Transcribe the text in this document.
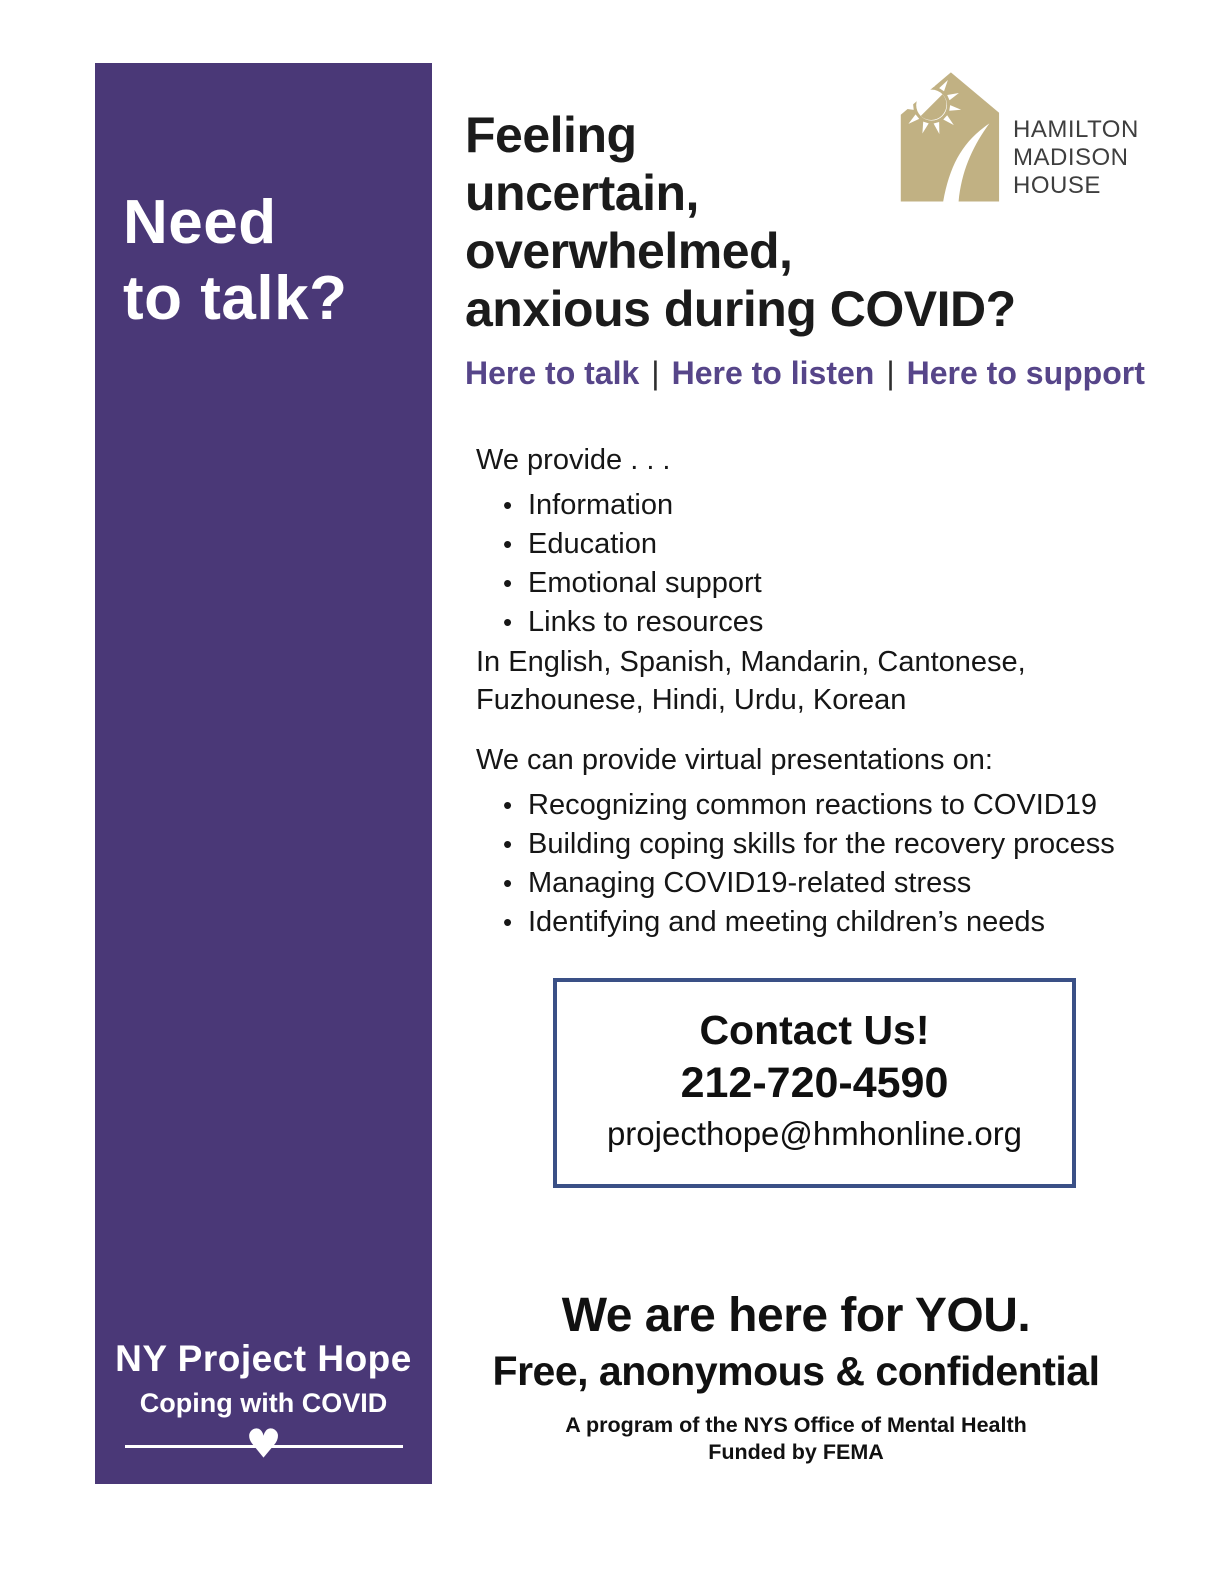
Need
to talk?
NY Project Hope
Coping with COVID
♥
HAMILTON
MADISON
HOUSE
Feeling
uncertain,
overwhelmed,
anxious during COVID?
Here to talk | Here to listen | Here to support
We provide . . .
• Information
• Education
• Emotional support
• Links to resources
In English, Spanish, Mandarin, Cantonese, Fuzhounese, Hindi, Urdu, Korean
We can provide virtual presentations on:
• Recognizing common reactions to COVID19
• Building coping skills for the recovery process
• Managing COVID19-related stress
• Identifying and meeting children’s needs
Contact Us!
212-720-4590
projecthope@hmhonline.org
We are here for YOU.
Free, anonymous & confidential
A program of the NYS Office of Mental Health
Funded by FEMA
